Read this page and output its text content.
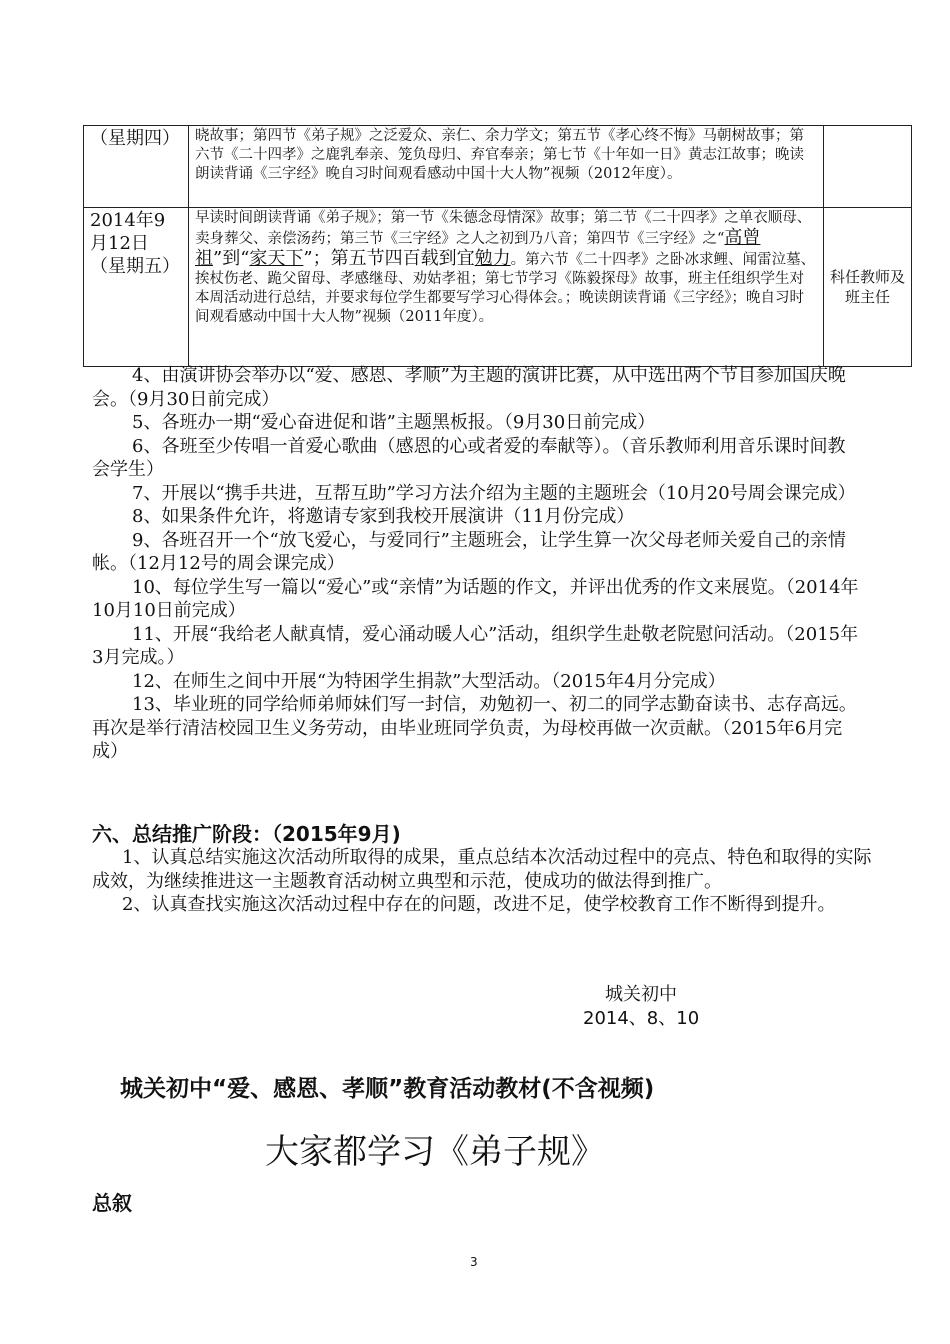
（星期四）	晓故事；第四节《弟子规》之泛爱众、亲仁、余力学文；第五节《孝心终不悔》马朝树故事；第六节《二十四孝》之鹿乳奉亲、笼负母归、弃官奉亲；第七节《十年如一日》黄志江故事；晚读朗读背诵《三字经》晚自习时间观看感动中国十大人物”视频（2012年度）。	
2014年9月12日（星期五）	早读时间朗读背诵《弟子规》；第一节《朱德念母情深》故事；第二节《二十四孝》之单衣顺母、卖身葬父、亲偿汤药；第三节《三字经》之人之初到乃八音；第四节《三字经》之“高曾祖”到“家天下”；第五节四百载到宜勉力。第六节《二十四孝》之卧冰求鲤、闻雷泣墓、挨杖伤老、跪父留母、孝感继母、劝姑孝祖；第七节学习《陈毅探母》故事，班主任组织学生对本周活动进行总结，并要求每位学生都要写学习心得体会。；晚读朗读背诵《三字经》；晚自习时间观看感动中国十大人物”视频（2011年度）。	科任教师及班主任

4、由演讲协会举办以“爱、感恩、孝顺”为主题的演讲比赛，从中选出两个节目参加国庆晚会。（9月30日前完成）

5、各班办一期“爱心奋进促和谐”主题黑板报。（9月30日前完成）

6、各班至少传唱一首爱心歌曲（感恩的心或者爱的奉献等）。（音乐教师利用音乐课时间教会学生）

7、开展以“携手共进，互帮互助”学习方法介绍为主题的主题班会（10月20号周会课完成）

8、如果条件允许，将邀请专家到我校开展演讲（11月份完成）

9、各班召开一个“放飞爱心，与爱同行”主题班会，让学生算一次父母老师关爱自己的亲情帐。（12月12号的周会课完成）

10、每位学生写一篇以“爱心”或“亲情”为话题的作文，并评出优秀的作文来展览。（2014年10月10日前完成）

11、开展“我给老人献真情，爱心涌动暖人心”活动，组织学生赴敬老院慰问活动。（2015年3月完成。）

12、在师生之间中开展“为特困学生捐款”大型活动。（2015年4月分完成）

13、毕业班的同学给师弟师妹们写一封信，劝勉初一、初二的同学志勤奋读书、志存高远。再次是举行清洁校园卫生义务劳动，由毕业班同学负责，为母校再做一次贡献。（2015年6月完成）

六、总结推广阶段：（2015年9月)

1、认真总结实施这次活动所取得的成果，重点总结本次活动过程中的亮点、特色和取得的实际成效，为继续推进这一主题教育活动树立典型和示范，使成功的做法得到推广。

2、认真查找实施这次活动过程中存在的问题，改进不足，使学校教育工作不断得到提升。

城关初中
2014、8、10
城关初中“爱、感恩、孝顺”教育活动教材(不含视频)
大家都学习《弟子规》
总叙
3
